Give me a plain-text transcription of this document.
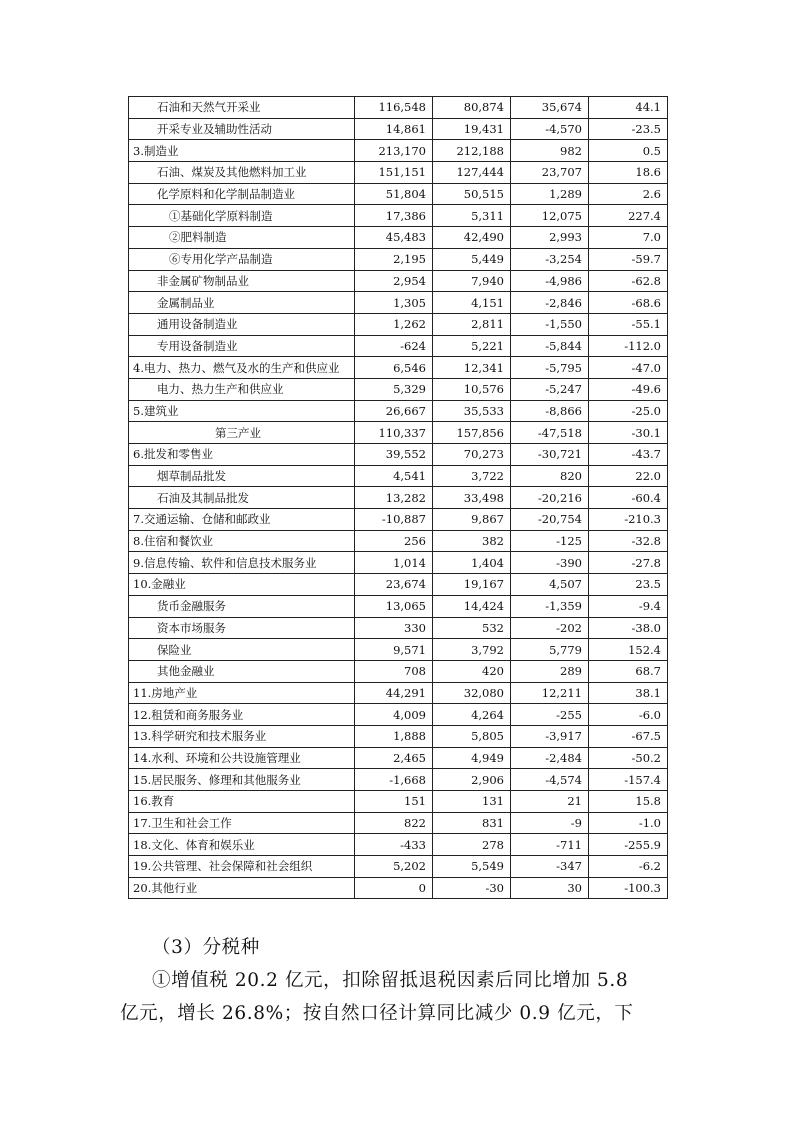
石油和天然气开采业	116,548	80,874	35,674	44.1
开采专业及辅助性活动	14,861	19,431	-4,570	-23.5
3.制造业	213,170	212,188	982	0.5
石油、煤炭及其他燃料加工业	151,151	127,444	23,707	18.6
化学原料和化学制品制造业	51,804	50,515	1,289	2.6
①基础化学原料制造	17,386	5,311	12,075	227.4
②肥料制造	45,483	42,490	2,993	7.0
⑥专用化学产品制造	2,195	5,449	-3,254	-59.7
非金属矿物制品业	2,954	7,940	-4,986	-62.8
金属制品业	1,305	4,151	-2,846	-68.6
通用设备制造业	1,262	2,811	-1,550	-55.1
专用设备制造业	-624	5,221	-5,844	-112.0
4.电力、热力、燃气及水的生产和供应业	6,546	12,341	-5,795	-47.0
电力、热力生产和供应业	5,329	10,576	-5,247	-49.6
5.建筑业	26,667	35,533	-8,866	-25.0
第三产业	110,337	157,856	-47,518	-30.1
6.批发和零售业	39,552	70,273	-30,721	-43.7
烟草制品批发	4,541	3,722	820	22.0
石油及其制品批发	13,282	33,498	-20,216	-60.4
7.交通运输、仓储和邮政业	-10,887	9,867	-20,754	-210.3
8.住宿和餐饮业	256	382	-125	-32.8
9.信息传输、软件和信息技术服务业	1,014	1,404	-390	-27.8
10.金融业	23,674	19,167	4,507	23.5
货币金融服务	13,065	14,424	-1,359	-9.4
资本市场服务	330	532	-202	-38.0
保险业	9,571	3,792	5,779	152.4
其他金融业	708	420	289	68.7
11.房地产业	44,291	32,080	12,211	38.1
12.租赁和商务服务业	4,009	4,264	-255	-6.0
13.科学研究和技术服务业	1,888	5,805	-3,917	-67.5
14.水利、环境和公共设施管理业	2,465	4,949	-2,484	-50.2
15.居民服务、修理和其他服务业	-1,668	2,906	-4,574	-157.4
16.教育	151	131	21	15.8
17.卫生和社会工作	822	831	-9	-1.0
18.文化、体育和娱乐业	-433	278	-711	-255.9
19.公共管理、社会保障和社会组织	5,202	5,549	-347	-6.2
20.其他行业	0	-30	30	-100.3
（3）分税种
①增值税 20.2 亿元，扣除留抵退税因素后同比增加 5.8
亿元，增长 26.8%；按自然口径计算同比减少 0.9 亿元，下
